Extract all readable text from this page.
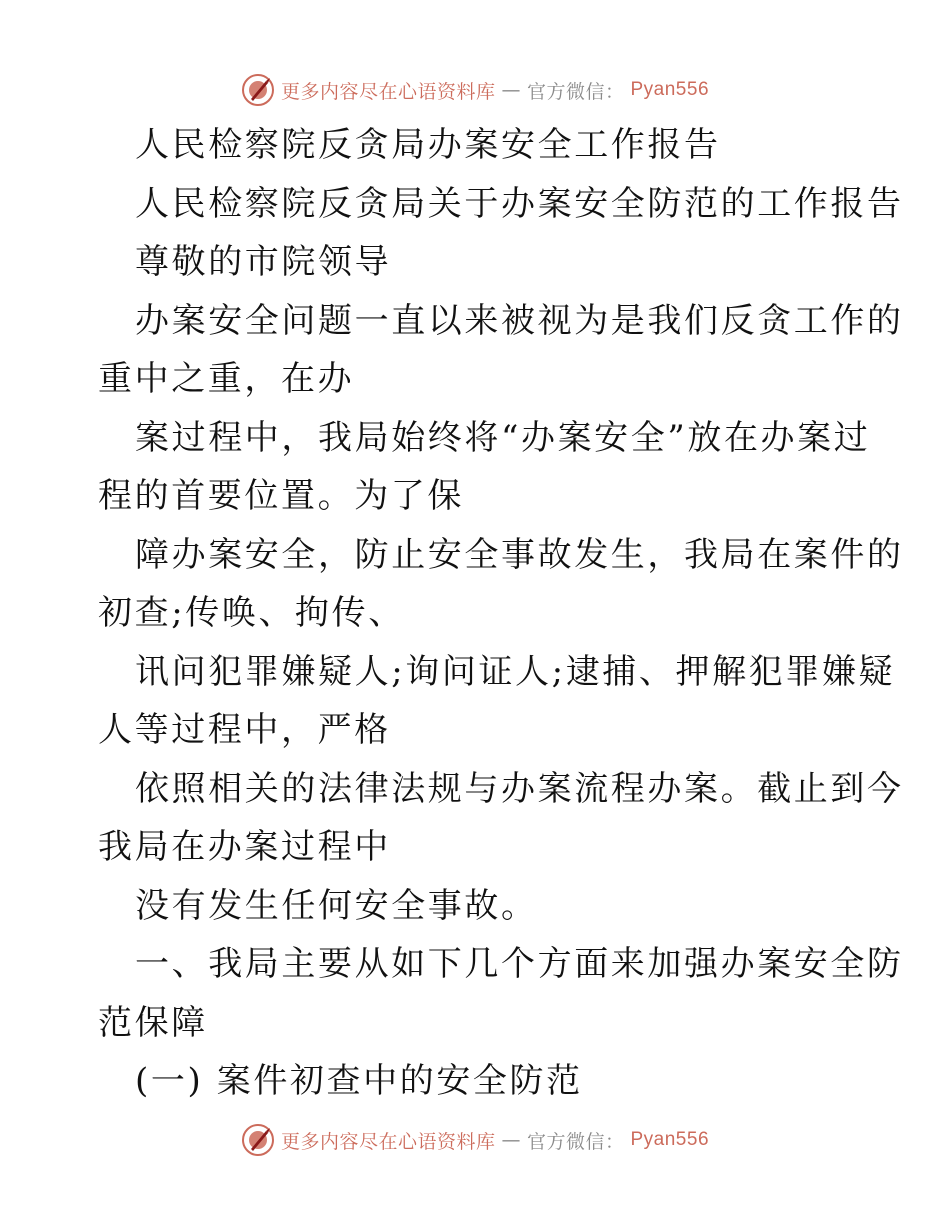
更多内容尽在心语资料库 — 官方微信： Pyan556
人民检察院反贪局办案安全工作报告
人民检察院反贪局关于办案安全防范的工作报告
尊敬的市院领导
办案安全问题一直以来被视为是我们反贪工作的
重中之重，在办
案过程中，我局始终将“办案安全”放在办案过
程的首要位置。为了保
障办案安全，防止安全事故发生，我局在案件的
初查;传唤、拘传、
讯问犯罪嫌疑人;询问证人;逮捕、押解犯罪嫌疑
人等过程中，严格
依照相关的法律法规与办案流程办案。截止到今
我局在办案过程中
没有发生任何安全事故。
一、我局主要从如下几个方面来加强办案安全防
范保障
(一) 案件初查中的安全防范
更多内容尽在心语资料库 — 官方微信： Pyan556
